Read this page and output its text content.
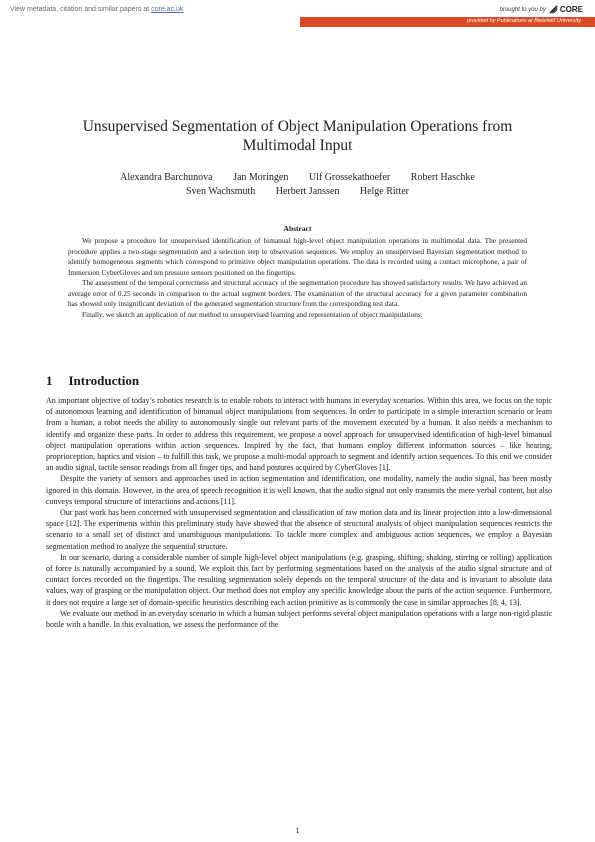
View metadata, citation and similar papers at core.ac.uk	brought to you by CORE
provided by Publications at Bielefeld University
Unsupervised Segmentation of Object Manipulation Operations from
Multimodal Input
Alexandra Barchunova Jan Moringen Ulf Grossekathoefer Robert Haschke
Sven Wachsmuth Herbert Janssen Helge Ritter
Abstract

We propose a procedure for unsupervised identification of bimanual high-level object manipulation operations in multimodal data. The presented procedure applies a two-stage segmentation and a selection step to observation sequences. We employ an unsupervised Bayesian segmentation method to identify homogeneous segments which correspond to primitive object manipulation operations. The data is recorded using a contact microphone, a pair of Immersion CyberGloves and ten pressure sensors positioned on the fingertips.

The assessment of the temporal correctness and structural accuracy of the segmentation procedure has showed satisfactory results. We have achieved an average error of 0.25 seconds in comparison to the actual segment borders. The examination of the structural accuracy for a given parameter combination has showed only insignificant deviation of the generated segmentation structure from the corresponding test data.

Finally, we sketch an application of our method to unsupervised learning and representation of object manipulations.

1 Introduction

An important objective of today’s robotics research is to enable robots to interact with humans in everyday scenarios. Within this area, we focus on the topic of autonomous learning and identification of bimanual object manipulations from sequences. In order to participate in a simple interaction scenario or learn from a human, a robot needs the ability to autonomously single out relevant parts of the movement executed by a human. It also needs a mechanism to identify and organize these parts. In order to address this requirement, we propose a novel approach for unsupervised identification of high-level bimanual object manipulation operations within action sequences. Inspired by the fact, that humans employ different information sources – like hearing, proprioception, haptics and vision – to fulfill this task, we propose a multi-modal approach to segment and identify action sequences. To this end we consider an audio signal, tactile sensor readings from all finger tips, and hand postures acquired by CyberGloves [1].

Despite the variety of sensors and approaches used in action segmentation and identification, one modality, namely the audio signal, has been mostly ignored in this domain. However, in the area of speech recognition it is well known, that the audio signal not only transmits the mere verbal content, but also conveys temporal structure of interactions and actions [11].

Our past work has been concerned with unsupervised segmentation and classification of raw motion data and its linear projection into a low-dimensional space [12]. The experiments within this preliminary study have showed that the absence of structural analysis of object manipulation sequences restricts the scenario to a small set of distinct and unambiguous manipulations. To tackle more complex and ambiguous action sequences, we employ a Bayesian segmentation method to analyze the sequential structure.

In our scenario, during a considerable number of simple high-level object manipulations (e.g. grasping, shifting, shaking, stirring or rolling) application of force is naturally accompanied by a sound. We exploit this fact by performing segmentations based on the analysis of the audio signal structure and of contact forces recorded on the fingertips. The resulting segmentation solely depends on the temporal structure of the data and is invariant to absolute data values, way of grasping or the manipulation object. Our method does not employ any specific knowledge about the parts of the action sequence. Furthermore, it does not require a large set of domain-specific heuristics describing each action primitive as is commonly the case in similar approaches [8, 4, 13].

We evaluate our method in an everyday scenario in which a human subject performs several object manipulation operations with a large non-rigid plastic bottle with a handle. In this evaluation, we assess the performance of the

1
